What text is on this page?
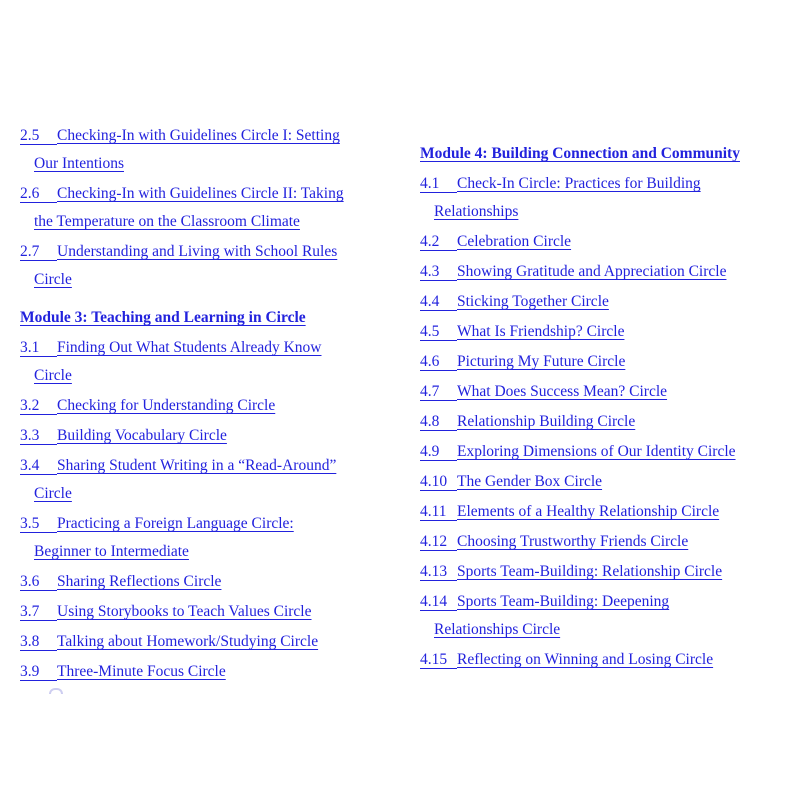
2.5 Checking-In with Guidelines Circle I: Setting
Our Intentions
2.6 Checking-In with Guidelines Circle II: Taking
the Temperature on the Classroom Climate
2.7 Understanding and Living with School Rules
Circle
Module 3: Teaching and Learning in Circle
3.1 Finding Out What Students Already Know
Circle
3.2 Checking for Understanding Circle
3.3 Building Vocabulary Circle
3.4 Sharing Student Writing in a “Read-Around”
Circle
3.5 Practicing a Foreign Language Circle:
Beginner to Intermediate
3.6 Sharing Reflections Circle
3.7 Using Storybooks to Teach Values Circle
3.8 Talking about Homework/Studying Circle
3.9 Three-Minute Focus Circle
Module 4: Building Connection and Community
4.1 Check-In Circle: Practices for Building
Relationships
4.2 Celebration Circle
4.3 Showing Gratitude and Appreciation Circle
4.4 Sticking Together Circle
4.5 What Is Friendship? Circle
4.6 Picturing My Future Circle
4.7 What Does Success Mean? Circle
4.8 Relationship Building Circle
4.9 Exploring Dimensions of Our Identity Circle
4.10 The Gender Box Circle
4.11 Elements of a Healthy Relationship Circle
4.12 Choosing Trustworthy Friends Circle
4.13 Sports Team-Building: Relationship Circle
4.14 Sports Team-Building: Deepening
Relationships Circle
4.15 Reflecting on Winning and Losing Circle
